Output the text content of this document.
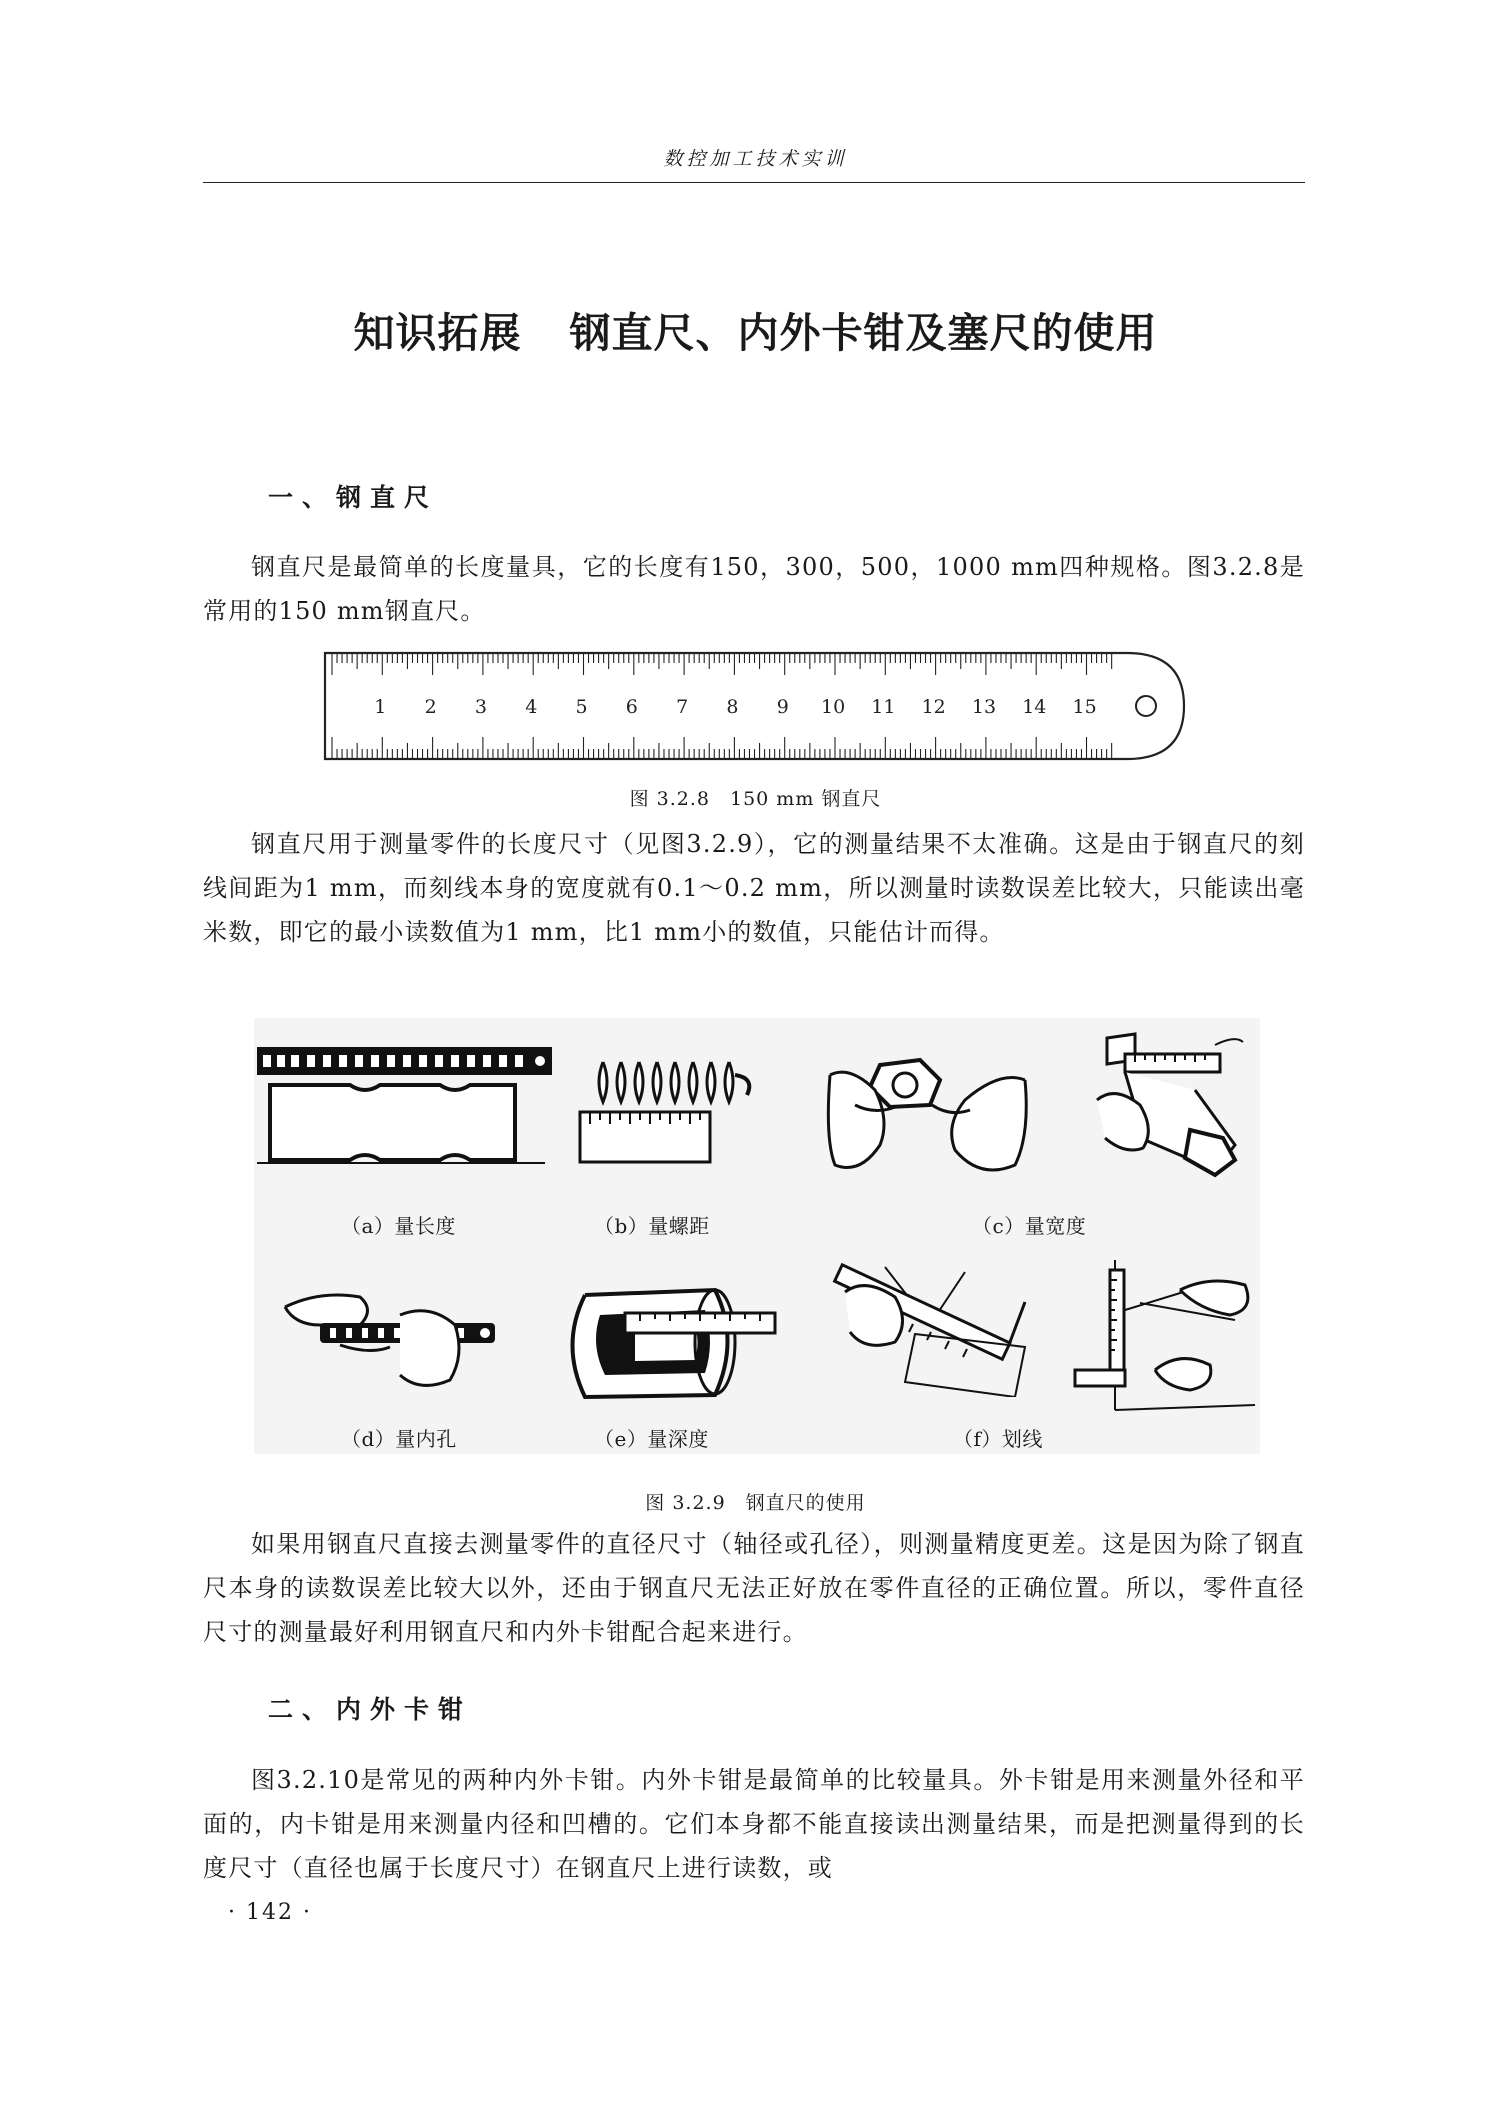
数控加工技术实训
知识拓展 钢直尺、内外卡钳及塞尺的使用
一、钢直尺
钢直尺是最简单的长度量具，它的长度有150，300，500，1000 mm四种规格。图3.2.8是常用的150 mm钢直尺。
1 2 3 4 5 6 7 8 9 10 11 12 13 14 15
图 3.2.8　150 mm 钢直尺
钢直尺用于测量零件的长度尺寸（见图3.2.9），它的测量结果不太准确。这是由于钢直尺的刻线间距为1 mm，而刻线本身的宽度就有0.1～0.2 mm，所以测量时读数误差比较大，只能读出毫米数，即它的最小读数值为1 mm，比1 mm小的数值，只能估计而得。
（a）量长度	（b）量螺距	（c）量宽度
（d）量内孔	（e）量深度	（f）划线
图 3.2.9　钢直尺的使用
如果用钢直尺直接去测量零件的直径尺寸（轴径或孔径），则测量精度更差。这是因为除了钢直尺本身的读数误差比较大以外，还由于钢直尺无法正好放在零件直径的正确位置。所以，零件直径尺寸的测量最好利用钢直尺和内外卡钳配合起来进行。
二、内外卡钳
图3.2.10是常见的两种内外卡钳。内外卡钳是最简单的比较量具。外卡钳是用来测量外径和平面的，内卡钳是用来测量内径和凹槽的。它们本身都不能直接读出测量结果，而是把测量得到的长度尺寸（直径也属于长度尺寸）在钢直尺上进行读数，或
· 142 ·
